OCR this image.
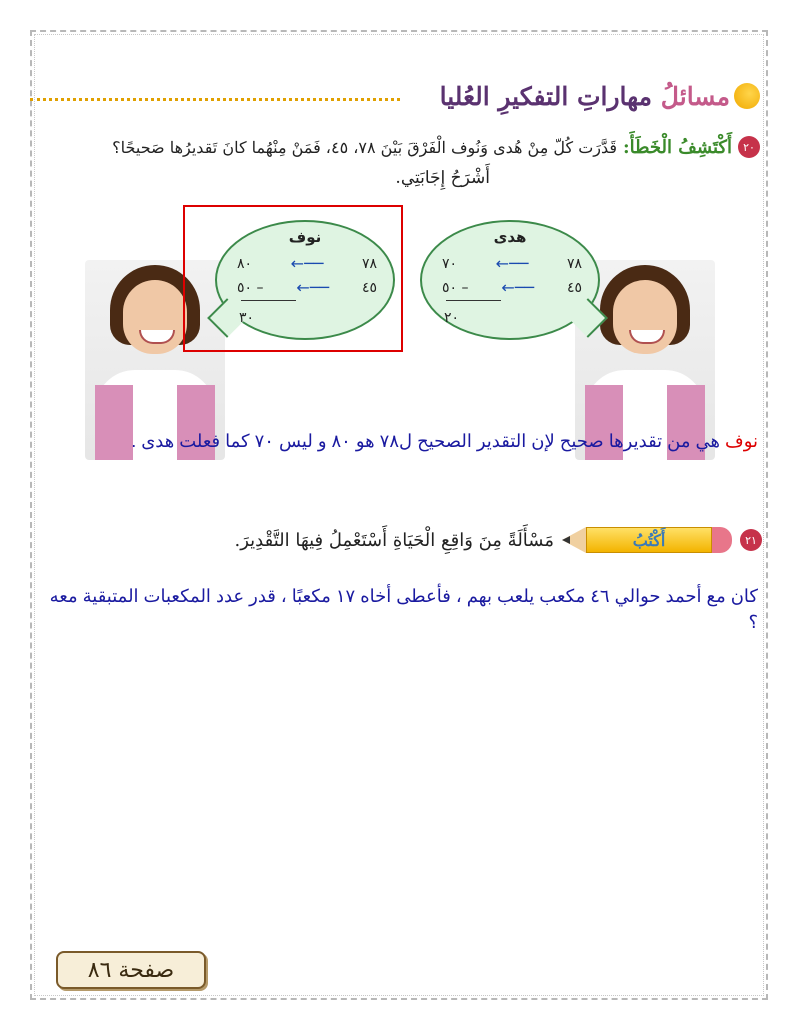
مسائلُ مهاراتِ التفكيرِ العُليا
٢٠
أَكْتَشِفُ الْخَطَأَ:
قَدَّرَت كُلّ مِنْ هُدى وَنُوف الْفَرْقَ بَيْنَ ٧٨، ٤٥، فَمَنْ مِنْهُما كانَ تَقديرُها صَحيحًا؟
أَشْرَحُ إِجَابَتِي.
نوف
٨٠ ←──	٧٨
٥٠ – ←── ٤٥
٣٠
هدى
٧٠ ←──	٧٨
٥٠ – ←── ٤٥
٢٠
نوف هي من تقديرها صحيح لإن التقدير الصحيح ل٧٨ هو ٨٠ و ليس ٧٠ كما فعلت هدى .
٢١
أَكْتُبُ
مَسْأَلَةً مِنَ وَاقِعِ الْحَيَاةِ أَسْتَعْمِلُ فِيهَا التَّقْدِيرَ.
كان مع أحمد حوالي ٤٦ مكعب يلعب بهم ، فأعطى أخاه ١٧ مكعبًا ، قدر عدد المكعبات المتبقية معه ؟
صفحة ٨٦
